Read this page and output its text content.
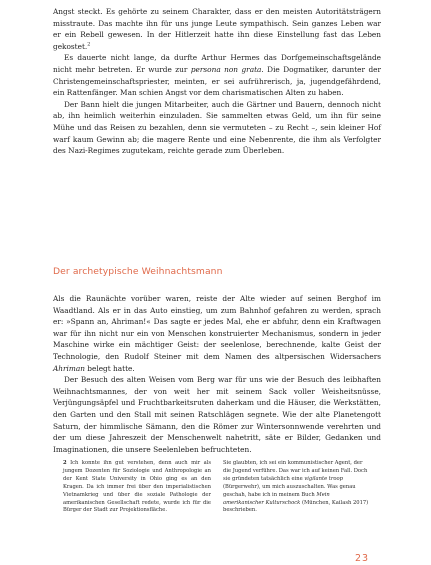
Angst steckt. Es gehörte zu seinem Charakter, dass er den meisten Autoritätsträgern misstraute. Das machte ihn für uns junge Leute sympathisch. Sein ganzes Leben war er ein Rebell gewesen. In der Hitlerzeit hatte ihn diese Einstellung fast das Leben gekostet.$^2$

Es dauerte nicht lange, da durfte Arthur Hermes das Dorfgemeinschaftsgelände nicht mehr betreten. Er wurde zur persona non grata. Die Dogmatiker, darunter der Christengemeinschaftspriester, meinten, er sei aufrührerisch, ja, jugendgefährdend, ein Rattenfänger. Man schien Angst vor dem charismatischen Alten zu haben.

Der Bann hielt die jungen Mitarbeiter, auch die Gärtner und Bauern, dennoch nicht ab, ihn heimlich weiterhin einzuladen. Sie sammelten etwas Geld, um ihn für seine Mühe und das Reisen zu bezahlen, denn sie vermuteten – zu Recht –, sein kleiner Hof warf kaum Gewinn ab; die magere Rente und eine Nebenrente, die ihm als Verfolgter des Nazi-Regimes zugutekam, reichte gerade zum Überleben.

Der archetypische Weihnachtsmann

Als die Raunächte vorüber waren, reiste der Alte wieder auf seinen Berghof im Waadtland. Als er in das Auto einstieg, um zum Bahnhof gefahren zu werden, sprach er: »Spann an, Ahriman!« Das sagte er jedes Mal, ehe er abfuhr, denn ein Kraftwagen war für ihn nicht nur ein von Menschen konstruierter Mechanismus, sondern in jeder Maschine wirke ein mächtiger Geist: der seelenlose, berechnende, kalte Geist der Technologie, den Rudolf Steiner mit dem Namen des altpersischen Widersachers Ahriman belegt hatte.

Der Besuch des alten Weisen vom Berg war für uns wie der Besuch des leibhaften Weihnachtsmannes, der von weit her mit seinem Sack voller Weisheitsnüsse, Verjüngungsäpfel und Fruchtbarkeitsruten daherkam und die Häuser, die Werkstätten, den Garten und den Stall mit seinen Ratschlägen segnete. Wie der alte Planetengott Saturn, der himmlische Sämann, den die Römer zur Wintersonnwende verehrten und der um diese Jahreszeit der Menschenwelt nahetritt, säte er Bilder, Gedanken und Imaginationen, die unsere Seelenleben befruchteten.

2 Ich konnte ihn gut verstehen, denn auch mir als jungem Dozenten für Soziologie und Anthropologie an der Kent State University in Ohio ging es an den Kragen. Da ich immer frei über den imperialistischen Vietnamkrieg und über die soziale Pathologie der amerikanischen Gesellschaft redete, wurde ich für die Bürger der Stadt zur Projektionsfläche.

Sie glaubten, ich sei ein kommunistischer Agent, der die Jugend verführe. Das war ich auf keinen Fall. Doch sie gründeten tatsächlich eine vigilante troop (Bürgerwehr), um mich auszuschalten. Was genau geschah, habe ich in meinem Buch Mein amerikanischer Kulturschock (München, Kailash 2017) beschrieben.

23
